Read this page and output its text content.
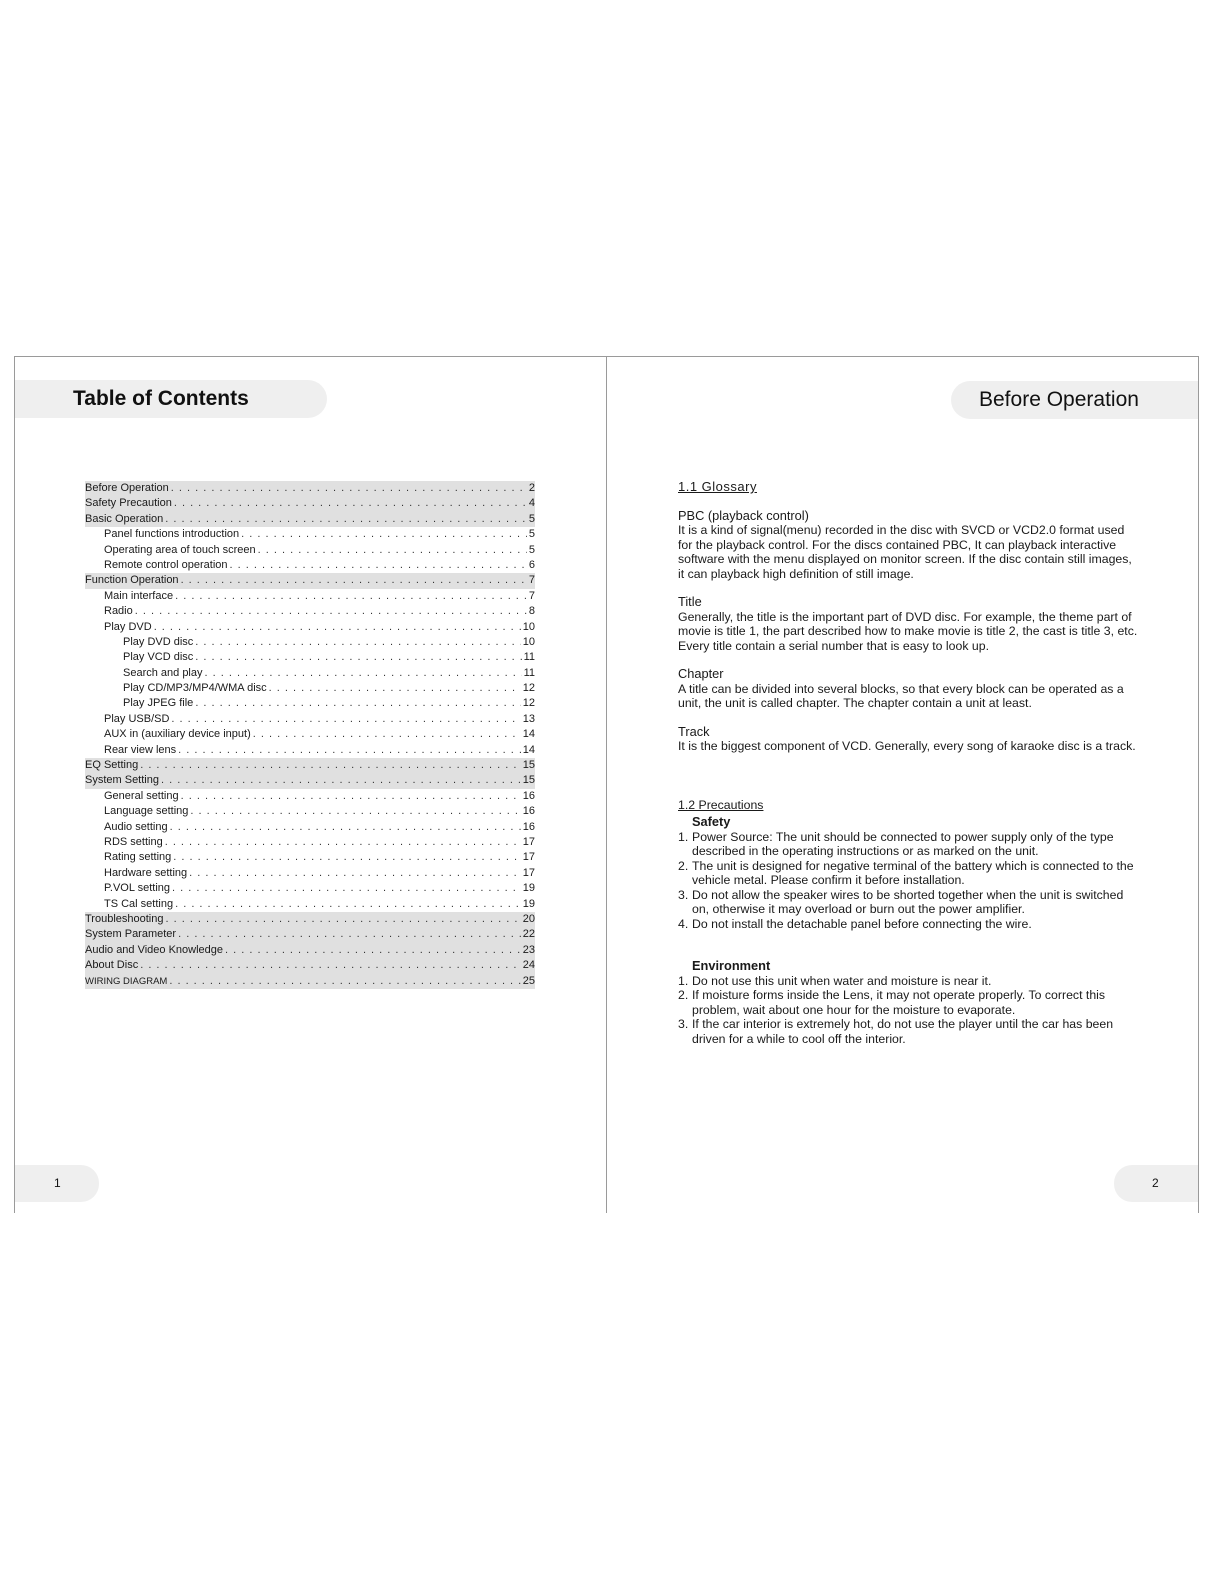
Table of Contents
Before Operation . . .	2
Safety Precaution . . .	4
Basic Operation . . .	5
Panel functions introduction . . .	5
Operating area of touch screen . . .	5
Remote control operation . . .	6
Function Operation . . .	7
Main interface . . .	7
Radio . . .	8
Play DVD . . .	10
Play DVD disc . . .	10
Play VCD disc . . .	11
Search and play . . .	11
Play CD/MP3/MP4/WMA disc . . .	12
Play JPEG file . . .	12
Play USB/SD . . .	13
AUX in (auxiliary device input) . . .	14
Rear view lens . . .	14
EQ Setting . . .	15
System Setting . . .	15
General setting . . .	16
Language setting . . .	16
Audio setting . . .	16
RDS setting . . .	17
Rating setting . . .	17
Hardware setting . . .	17
P.VOL setting . . .	19
TS Cal setting . . .	19
Troubleshooting . . .	20
System Parameter . . .	22
Audio and Video Knowledge . . .	23
About Disc . . .	24
WIRING DIAGRAM . . .	25
1
Before Operation

1.1 Glossary

PBC (playback control)

It is a kind of signal(menu) recorded in the disc with SVCD or VCD2.0 format used for the playback control. For the discs contained PBC, It can playback interactive software with the menu displayed on monitor screen. If the disc contain still images, it can playback high definition of still image.

Title

Generally, the title is the important part of DVD disc. For example, the theme part of movie is title 1, the part described how to make movie is title 2, the cast is title 3, etc. Every title contain a serial number that is easy to look up.

Chapter

A title can be divided into several blocks, so that every block can be operated as a unit, the unit is called chapter. The chapter contain a unit at least.

Track

It is the biggest component of VCD. Generally, every song of karaoke disc is a track.

1.2 Precautions

Safety

1. Power Source: The unit should be connected to power supply only of the type described in the operating instructions or as marked on the unit.
2. The unit is designed for negative terminal of the battery which is connected to the vehicle metal. Please confirm it before installation.
3. Do not allow the speaker wires to be shorted together when the unit is switched on, otherwise it may overload or burn out the power amplifier.
4. Do not install the detachable panel before connecting the wire.

Environment

1. Do not use this unit when water and moisture is near it.
2. If moisture forms inside the Lens, it may not operate properly. To correct this problem, wait about one hour for the moisture to evaporate.
3. If the car interior is extremely hot, do not use the player until the car has been driven for a while to cool off the interior.
2
